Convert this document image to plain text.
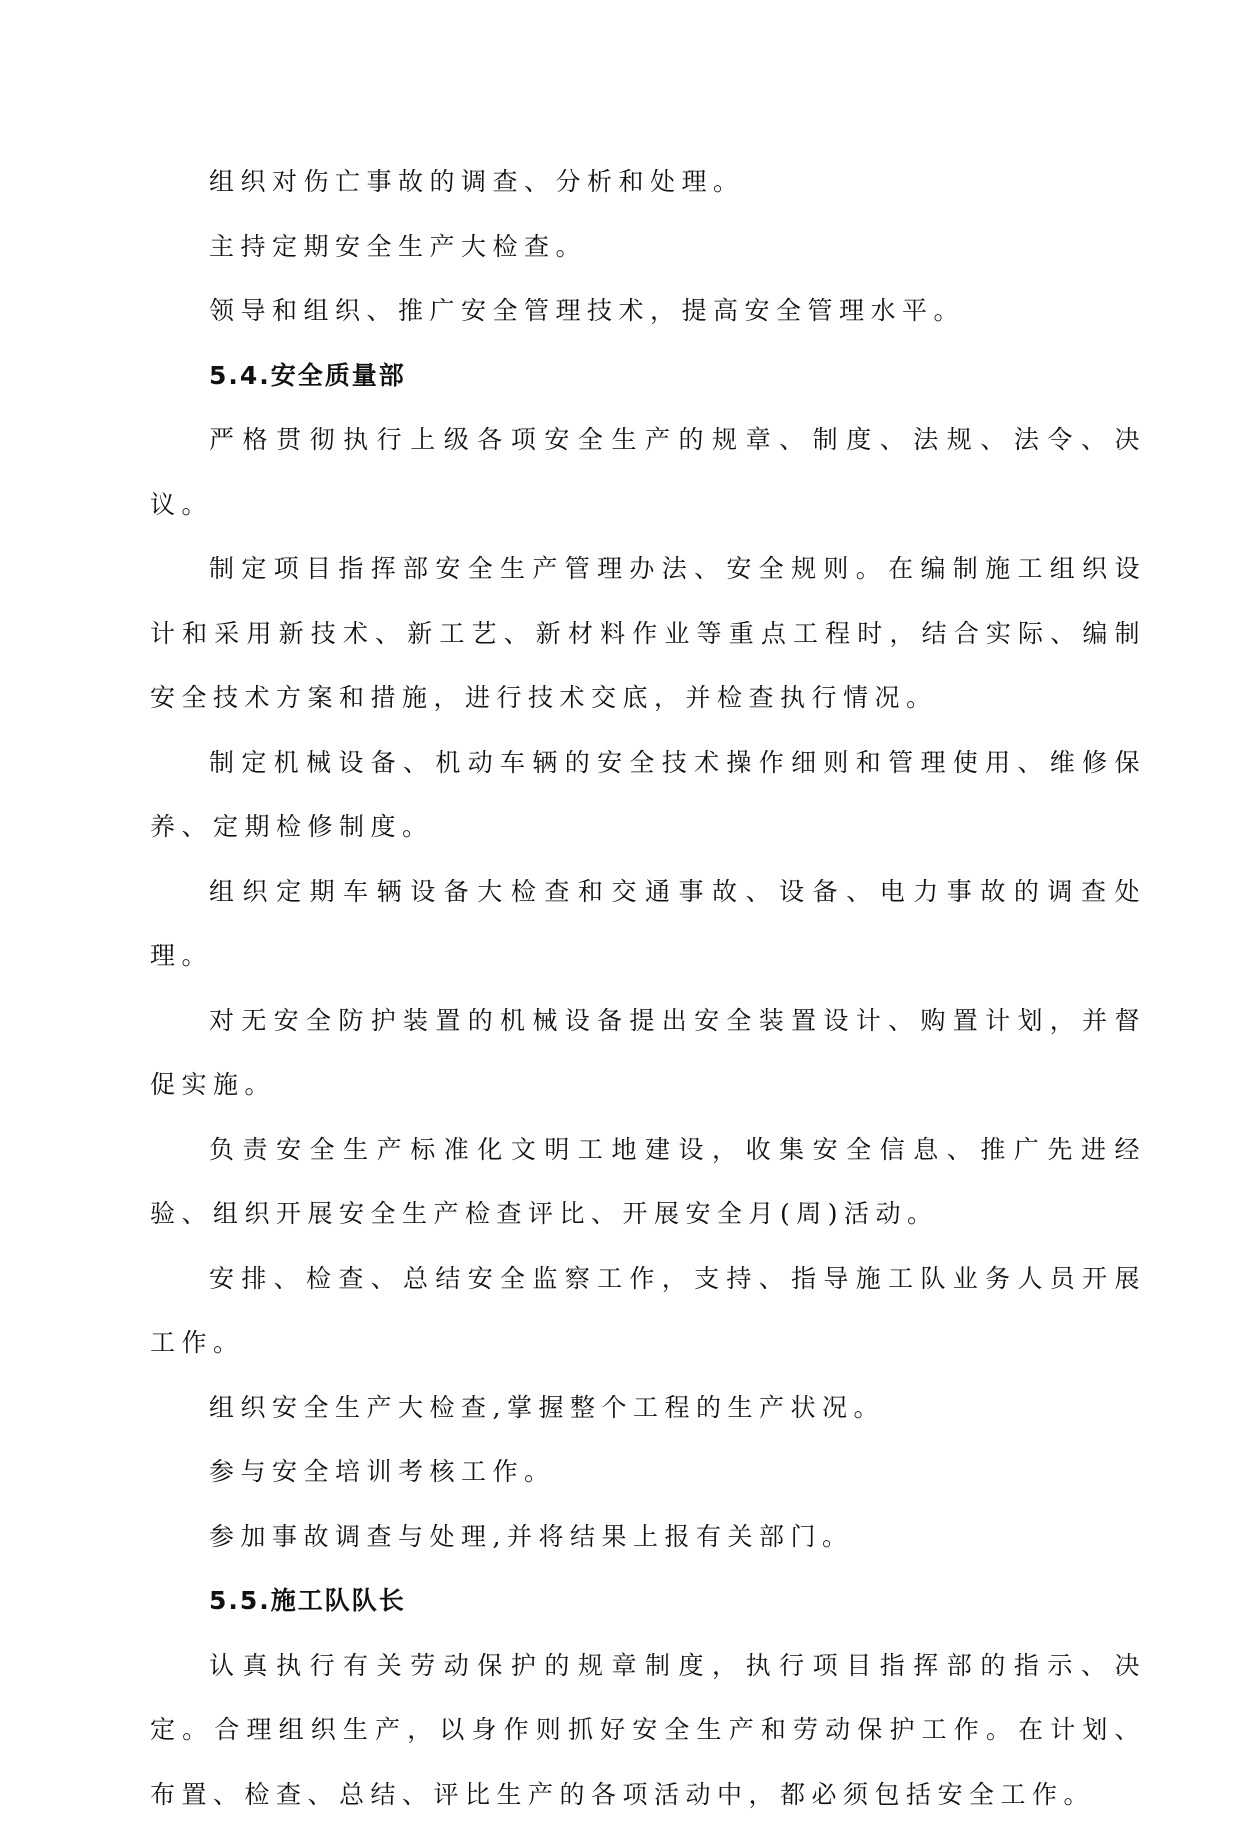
组织对伤亡事故的调查、分析和处理。

主持定期安全生产大检查。

领导和组织、推广安全管理技术，提高安全管理水平。

5.4.安全质量部

严格贯彻执行上级各项安全生产的规章、制度、法规、法令、决议。

制定项目指挥部安全生产管理办法、安全规则。在编制施工组织设计和采用新技术、新工艺、新材料作业等重点工程时，结合实际、编制安全技术方案和措施，进行技术交底，并检查执行情况。

制定机械设备、机动车辆的安全技术操作细则和管理使用、维修保养、定期检修制度。

组织定期车辆设备大检查和交通事故、设备、电力事故的调查处理。

对无安全防护装置的机械设备提出安全装置设计、购置计划，并督促实施。

负责安全生产标准化文明工地建设，收集安全信息、推广先进经验、组织开展安全生产检查评比、开展安全月(周)活动。

安排、检查、总结安全监察工作，支持、指导施工队业务人员开展工作。

组织安全生产大检查,掌握整个工程的生产状况。

参与安全培训考核工作。

参加事故调查与处理,并将结果上报有关部门。

5.5.施工队队长

认真执行有关劳动保护的规章制度，执行项目指挥部的指示、决定。合理组织生产，以身作则抓好安全生产和劳动保护工作。在计划、布置、检查、总结、评比生产的各项活动中，都必须包括安全工作。
